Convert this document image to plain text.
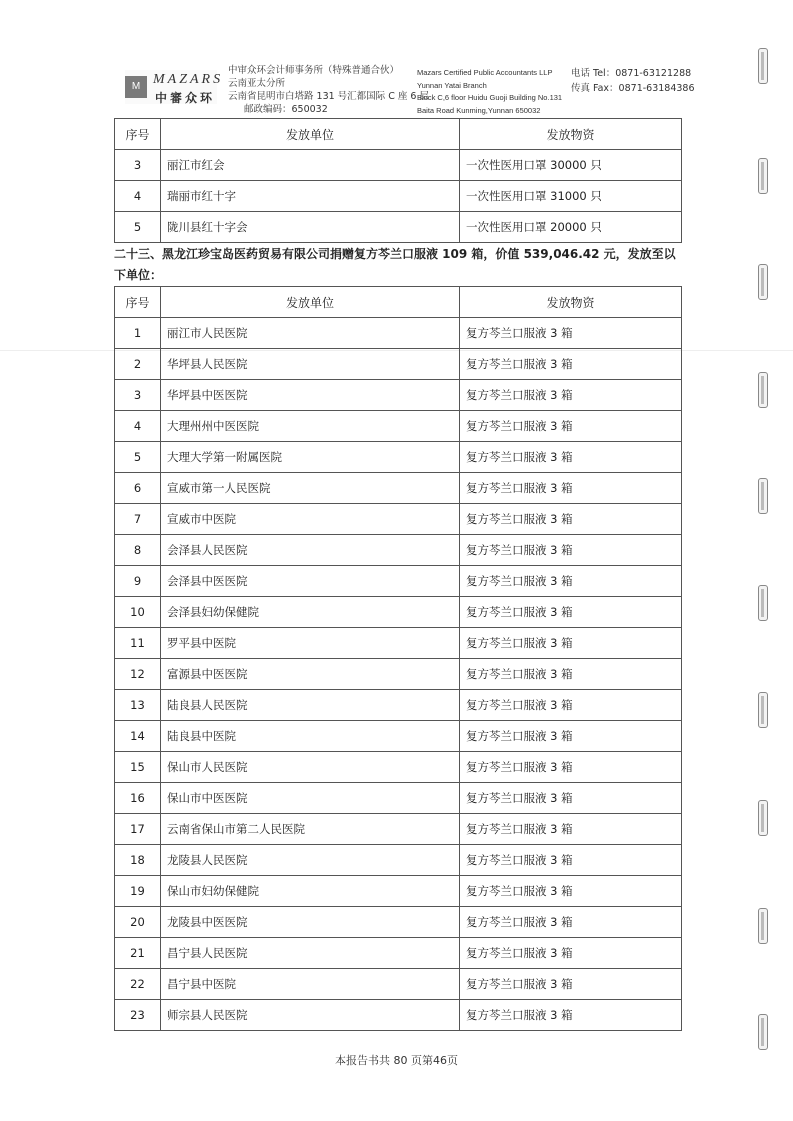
M MAZARS
中審众环
中审众环会计师事务所（特殊普通合伙）
云南亚太分所
云南省昆明市白塔路 131 号汇都国际 C 座 6 层
邮政编码：650032
Mazars Certified Public Accountants LLP
Yunnan Yatai Branch
Block C,6 floor Huidu Guoji Building No.131
Baita Road Kunming,Yunnan 650032
电话 Tel：0871-63121288
传真 Fax：0871-63184386
序号	发放单位	发放物资
3	丽江市红会	一次性医用口罩 30000 只
4	瑞丽市红十字	一次性医用口罩 31000 只
5	陇川县红十字会	一次性医用口罩 20000 只
二十三、黑龙江珍宝岛医药贸易有限公司捐赠复方芩兰口服液 109 箱，价值 539,046.42 元，发放至以下单位：
序号	发放单位	发放物资
1	丽江市人民医院	复方芩兰口服液 3 箱
2	华坪县人民医院	复方芩兰口服液 3 箱
3	华坪县中医医院	复方芩兰口服液 3 箱
4	大理州州中医医院	复方芩兰口服液 3 箱
5	大理大学第一附属医院	复方芩兰口服液 3 箱
6	宣威市第一人民医院	复方芩兰口服液 3 箱
7	宣威市中医院	复方芩兰口服液 3 箱
8	会泽县人民医院	复方芩兰口服液 3 箱
9	会泽县中医医院	复方芩兰口服液 3 箱
10	会泽县妇幼保健院	复方芩兰口服液 3 箱
11	罗平县中医院	复方芩兰口服液 3 箱
12	富源县中医医院	复方芩兰口服液 3 箱
13	陆良县人民医院	复方芩兰口服液 3 箱
14	陆良县中医院	复方芩兰口服液 3 箱
15	保山市人民医院	复方芩兰口服液 3 箱
16	保山市中医医院	复方芩兰口服液 3 箱
17	云南省保山市第二人民医院	复方芩兰口服液 3 箱
18	龙陵县人民医院	复方芩兰口服液 3 箱
19	保山市妇幼保健院	复方芩兰口服液 3 箱
20	龙陵县中医医院	复方芩兰口服液 3 箱
21	昌宁县人民医院	复方芩兰口服液 3 箱
22	昌宁县中医院	复方芩兰口服液 3 箱
23	师宗县人民医院	复方芩兰口服液 3 箱
本报告书共 80 页第46页
